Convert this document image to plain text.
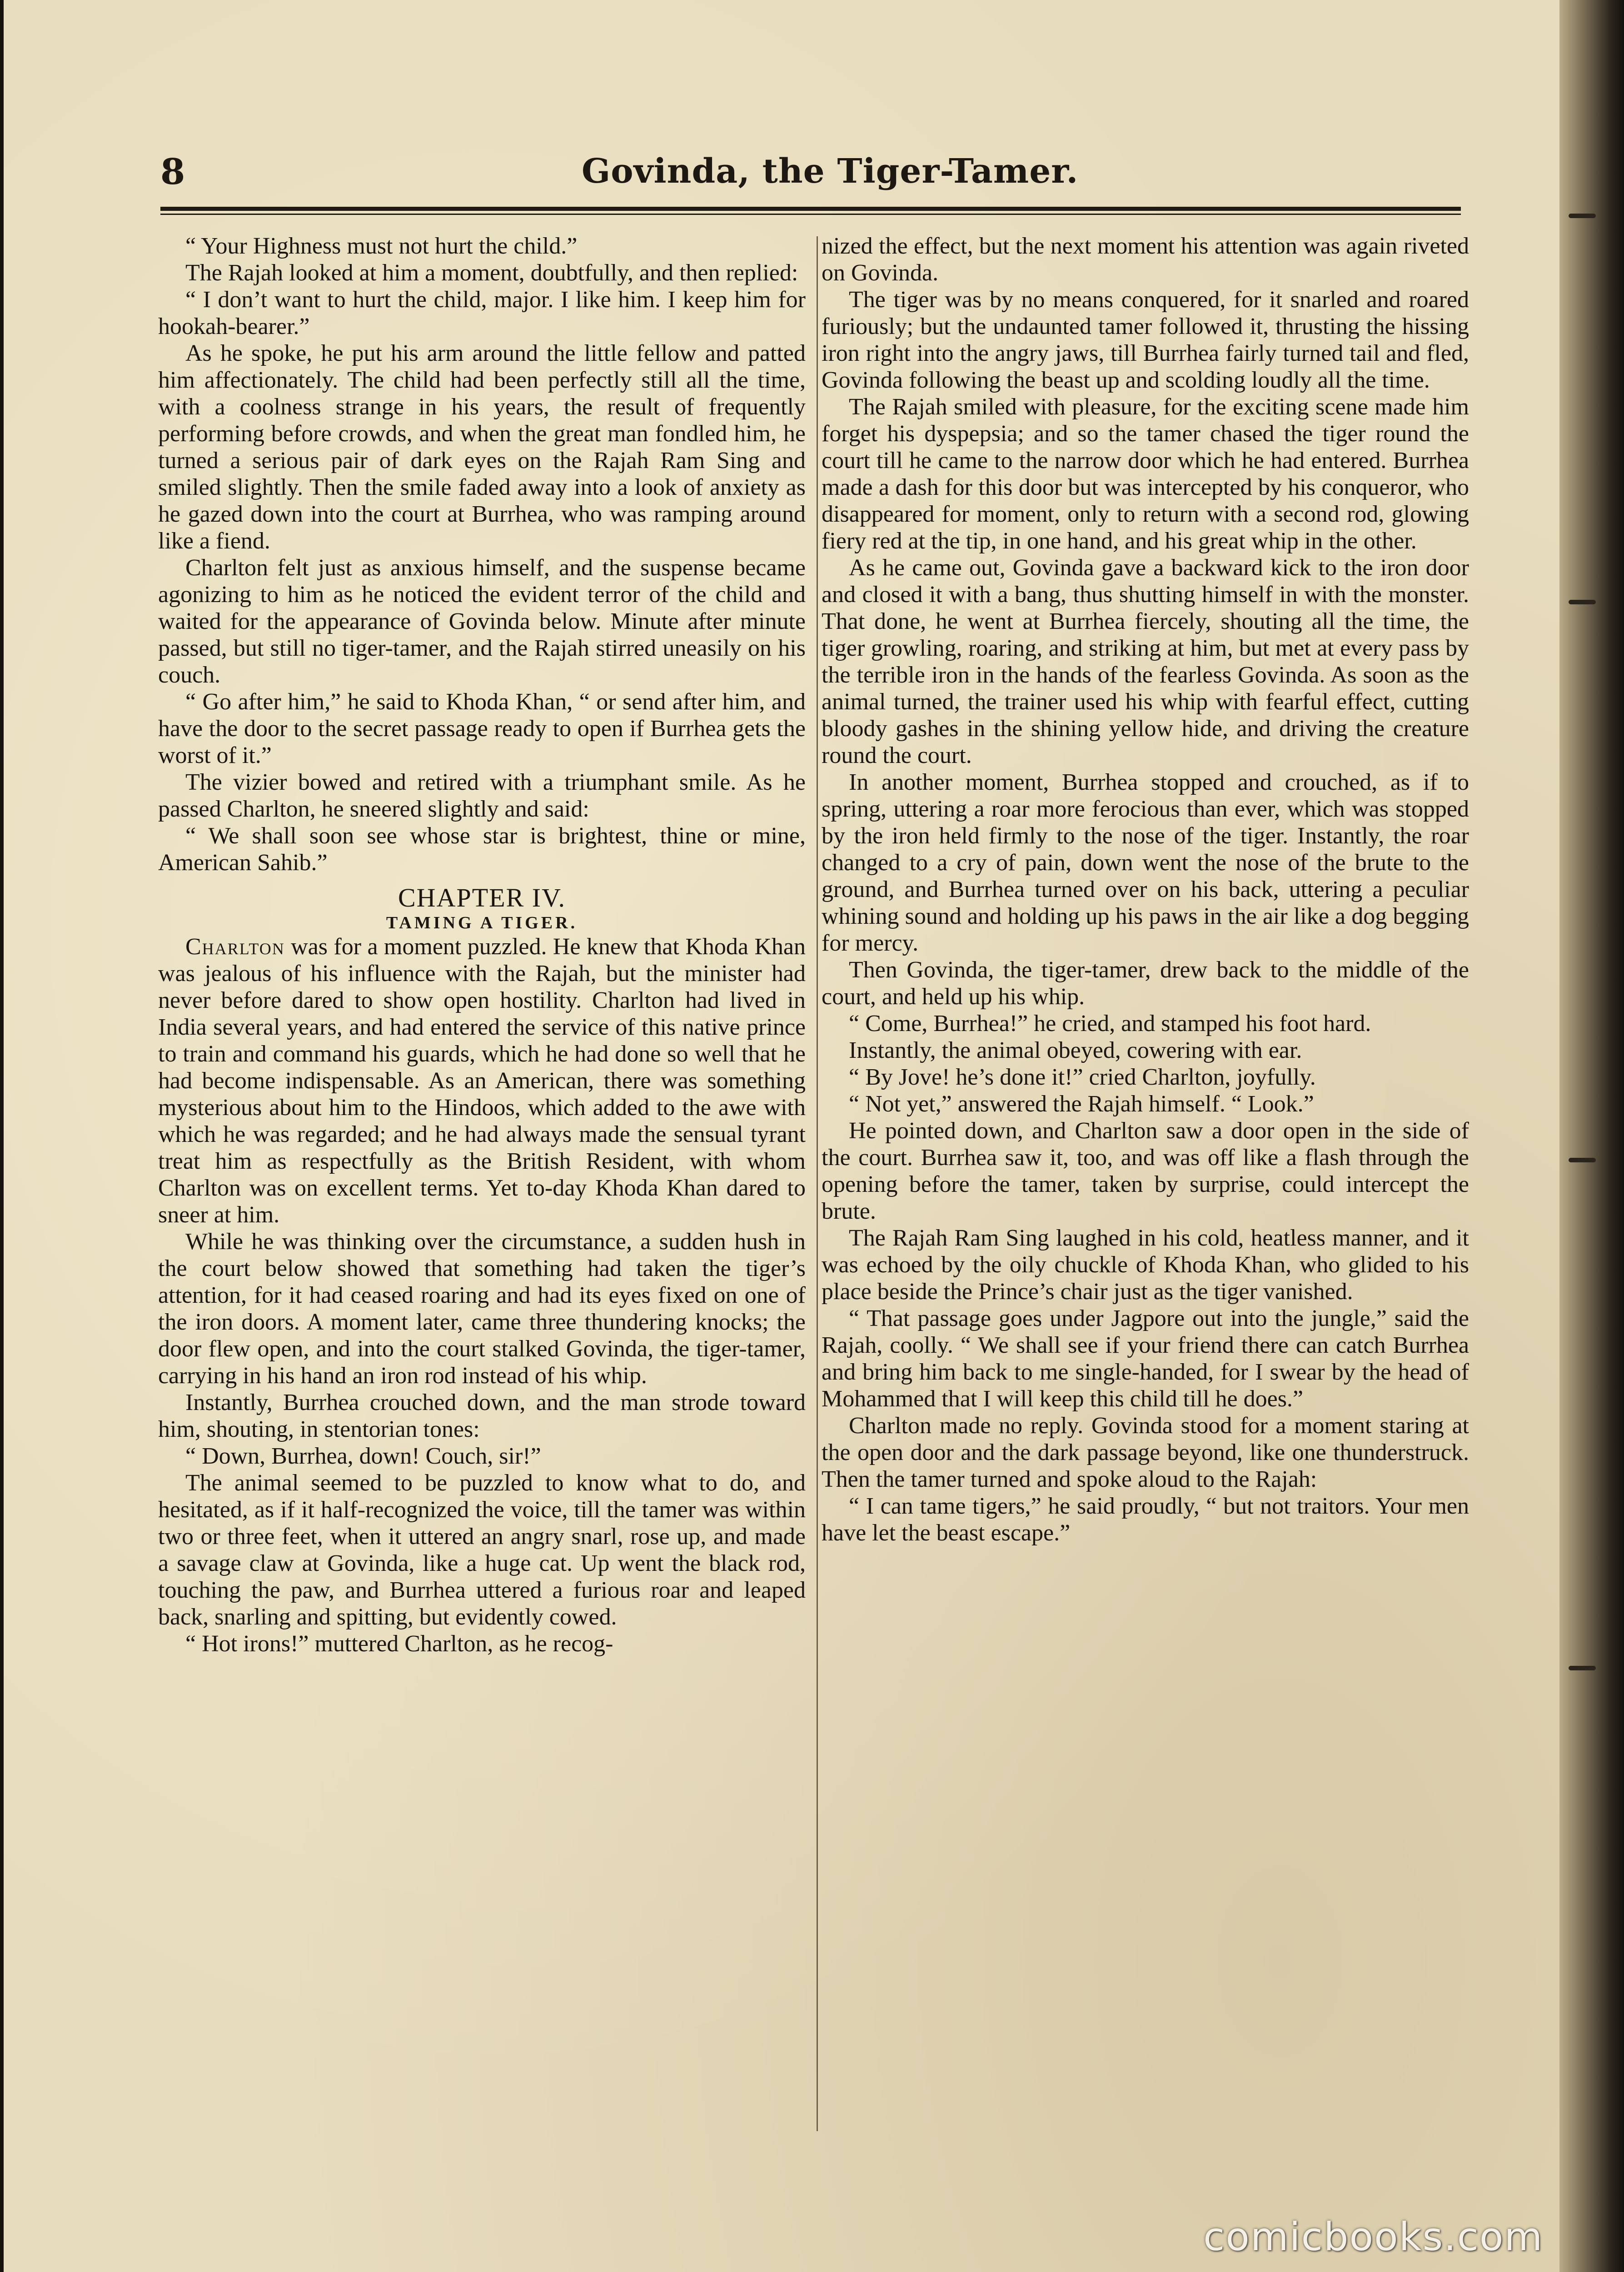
8	Govinda, the Tiger-Tamer.

“ Your Highness must not hurt the child.”

The Rajah looked at him a moment, doubtfully, and then replied:

“ I don’t want to hurt the child, major. I like him. I keep him for hookah-bearer.”

As he spoke, he put his arm around the little fellow and patted him affectionately. The child had been perfectly still all the time, with a coolness strange in his years, the result of frequently performing before crowds, and when the great man fondled him, he turned a serious pair of dark eyes on the Rajah Ram Sing and smiled slightly. Then the smile faded away into a look of anxiety as he gazed down into the court at Burrhea, who was ramping around like a fiend.

Charlton felt just as anxious himself, and the suspense became agonizing to him as he noticed the evident terror of the child and waited for the appearance of Govinda below. Minute after minute passed, but still no tiger-tamer, and the Rajah stirred uneasily on his couch.

“ Go after him,” he said to Khoda Khan, “ or send after him, and have the door to the secret passage ready to open if Burrhea gets the worst of it.”

The vizier bowed and retired with a triumphant smile. As he passed Charlton, he sneered slightly and said:

“ We shall soon see whose star is brightest, thine or mine, American Sahib.”

CHAPTER IV.

TAMING A TIGER.

Charlton was for a moment puzzled. He knew that Khoda Khan was jealous of his influence with the Rajah, but the minister had never before dared to show open hostility. Charlton had lived in India several years, and had entered the service of this native prince to train and command his guards, which he had done so well that he had become indispensable. As an American, there was something mysterious about him to the Hindoos, which added to the awe with which he was regarded; and he had always made the sensual tyrant treat him as respectfully as the British Resident, with whom Charlton was on excellent terms. Yet to-day Khoda Khan dared to sneer at him.

While he was thinking over the circumstance, a sudden hush in the court below showed that something had taken the tiger’s attention, for it had ceased roaring and had its eyes fixed on one of the iron doors. A moment later, came three thundering knocks; the door flew open, and into the court stalked Govinda, the tiger-tamer, carrying in his hand an iron rod instead of his whip.

Instantly, Burrhea crouched down, and the man strode toward him, shouting, in stentorian tones:

“ Down, Burrhea, down! Couch, sir!”

The animal seemed to be puzzled to know what to do, and hesitated, as if it half-recognized the voice, till the tamer was within two or three feet, when it uttered an angry snarl, rose up, and made a savage claw at Govinda, like a huge cat. Up went the black rod, touching the paw, and Burrhea uttered a furious roar and leaped back, snarling and spitting, but evidently cowed.

“ Hot irons!” muttered Charlton, as he recog-

nized the effect, but the next moment his attention was again riveted on Govinda.

The tiger was by no means conquered, for it snarled and roared furiously; but the undaunted tamer followed it, thrusting the hissing iron right into the angry jaws, till Burrhea fairly turned tail and fled, Govinda following the beast up and scolding loudly all the time.

The Rajah smiled with pleasure, for the exciting scene made him forget his dyspepsia; and so the tamer chased the tiger round the court till he came to the narrow door which he had entered. Burrhea made a dash for this door but was intercepted by his conqueror, who disappeared for moment, only to return with a second rod, glowing fiery red at the tip, in one hand, and his great whip in the other.

As he came out, Govinda gave a backward kick to the iron door and closed it with a bang, thus shutting himself in with the monster. That done, he went at Burrhea fiercely, shouting all the time, the tiger growling, roaring, and striking at him, but met at every pass by the terrible iron in the hands of the fearless Govinda. As soon as the animal turned, the trainer used his whip with fearful effect, cutting bloody gashes in the shining yellow hide, and driving the creature round the court.

In another moment, Burrhea stopped and crouched, as if to spring, uttering a roar more ferocious than ever, which was stopped by the iron held firmly to the nose of the tiger. Instantly, the roar changed to a cry of pain, down went the nose of the brute to the ground, and Burrhea turned over on his back, uttering a peculiar whining sound and holding up his paws in the air like a dog begging for mercy.

Then Govinda, the tiger-tamer, drew back to the middle of the court, and held up his whip.

“ Come, Burrhea!” he cried, and stamped his foot hard.

Instantly, the animal obeyed, cowering with ear.

“ By Jove! he’s done it!” cried Charlton, joyfully.

“ Not yet,” answered the Rajah himself. “ Look.”

He pointed down, and Charlton saw a door open in the side of the court. Burrhea saw it, too, and was off like a flash through the opening before the tamer, taken by surprise, could intercept the brute.

The Rajah Ram Sing laughed in his cold, heatless manner, and it was echoed by the oily chuckle of Khoda Khan, who glided to his place beside the Prince’s chair just as the tiger vanished.

“ That passage goes under Jagpore out into the jungle,” said the Rajah, coolly. “ We shall see if your friend there can catch Burrhea and bring him back to me single-handed, for I swear by the head of Mohammed that I will keep this child till he does.”

Charlton made no reply. Govinda stood for a moment staring at the open door and the dark passage beyond, like one thunderstruck. Then the tamer turned and spoke aloud to the Rajah:

“ I can tame tigers,” he said proudly, “ but not traitors. Your men have let the beast escape.”

comicbooks.com
